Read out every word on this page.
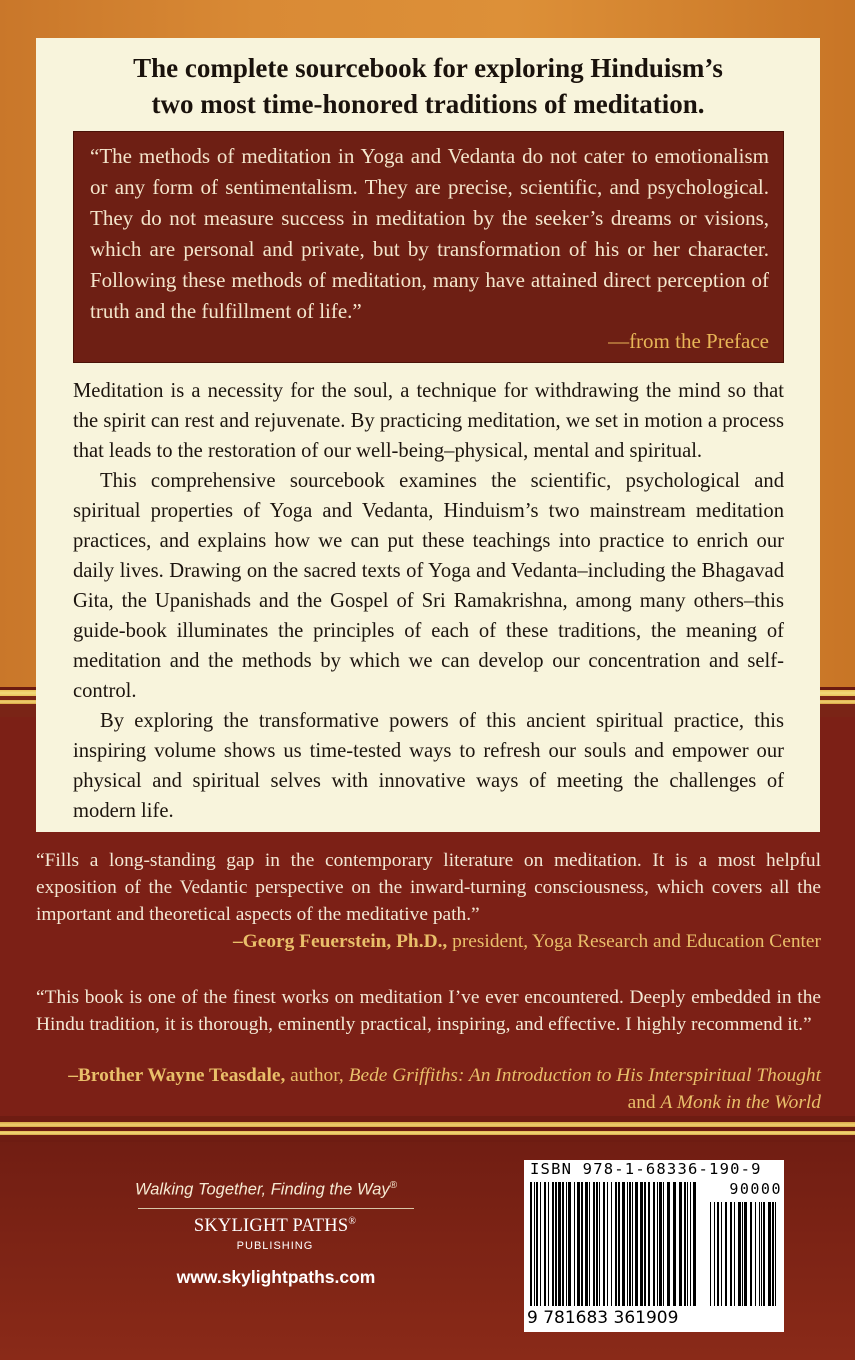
The complete sourcebook for exploring Hinduism’s
two most time-honored traditions of meditation.
“The methods of meditation in Yoga and Vedanta do not cater to emotionalism or any form of sentimentalism. They are precise, scientific, and psychological. They do not measure success in meditation by the seeker’s dreams or visions, which are personal and private, but by transformation of his or her character. Following these methods of meditation, many have attained direct perception of truth and the fulfillment of life.”
—from the Preface

Meditation is a necessity for the soul, a technique for withdrawing the mind so that the spirit can rest and rejuvenate. By practicing meditation, we set in motion a process that leads to the restoration of our well-being–physical, mental and spiritual.

This comprehensive sourcebook examines the scientific, psychological and spiritual properties of Yoga and Vedanta, Hinduism’s two mainstream meditation practices, and explains how we can put these teachings into practice to enrich our daily lives. Drawing on the sacred texts of Yoga and Vedanta–including the Bhagavad Gita, the Upanishads and the Gospel of Sri Ramakrishna, among many others–this guide-book illuminates the principles of each of these traditions, the meaning of meditation and the methods by which we can develop our concentration and self-control.

By exploring the transformative powers of this ancient spiritual practice, this inspiring volume shows us time-tested ways to refresh our souls and empower our physical and spiritual selves with innovative ways of meeting the challenges of modern life.

“Fills a long-standing gap in the contemporary literature on meditation. It is a most helpful exposition of the Vedantic perspective on the inward-turning consciousness, which covers all the important and theoretical aspects of the meditative path.”
–Georg Feuerstein, Ph.D., president, Yoga Research and Education Center
“This book is one of the finest works on meditation I’ve ever encountered. Deeply embedded in the Hindu tradition, it is thorough, eminently practical, inspiring, and effective. I highly recommend it.”
–Brother Wayne Teasdale, author, Bede Griffiths: An Introduction to His Interspiritual Thought and A Monk in the World
Walking Together, Finding the Way®
SKYLIGHT PATHS®
PUBLISHING
www.skylightpaths.com
ISBN 978-1-68336-190-9
90000
9 781683 361909
